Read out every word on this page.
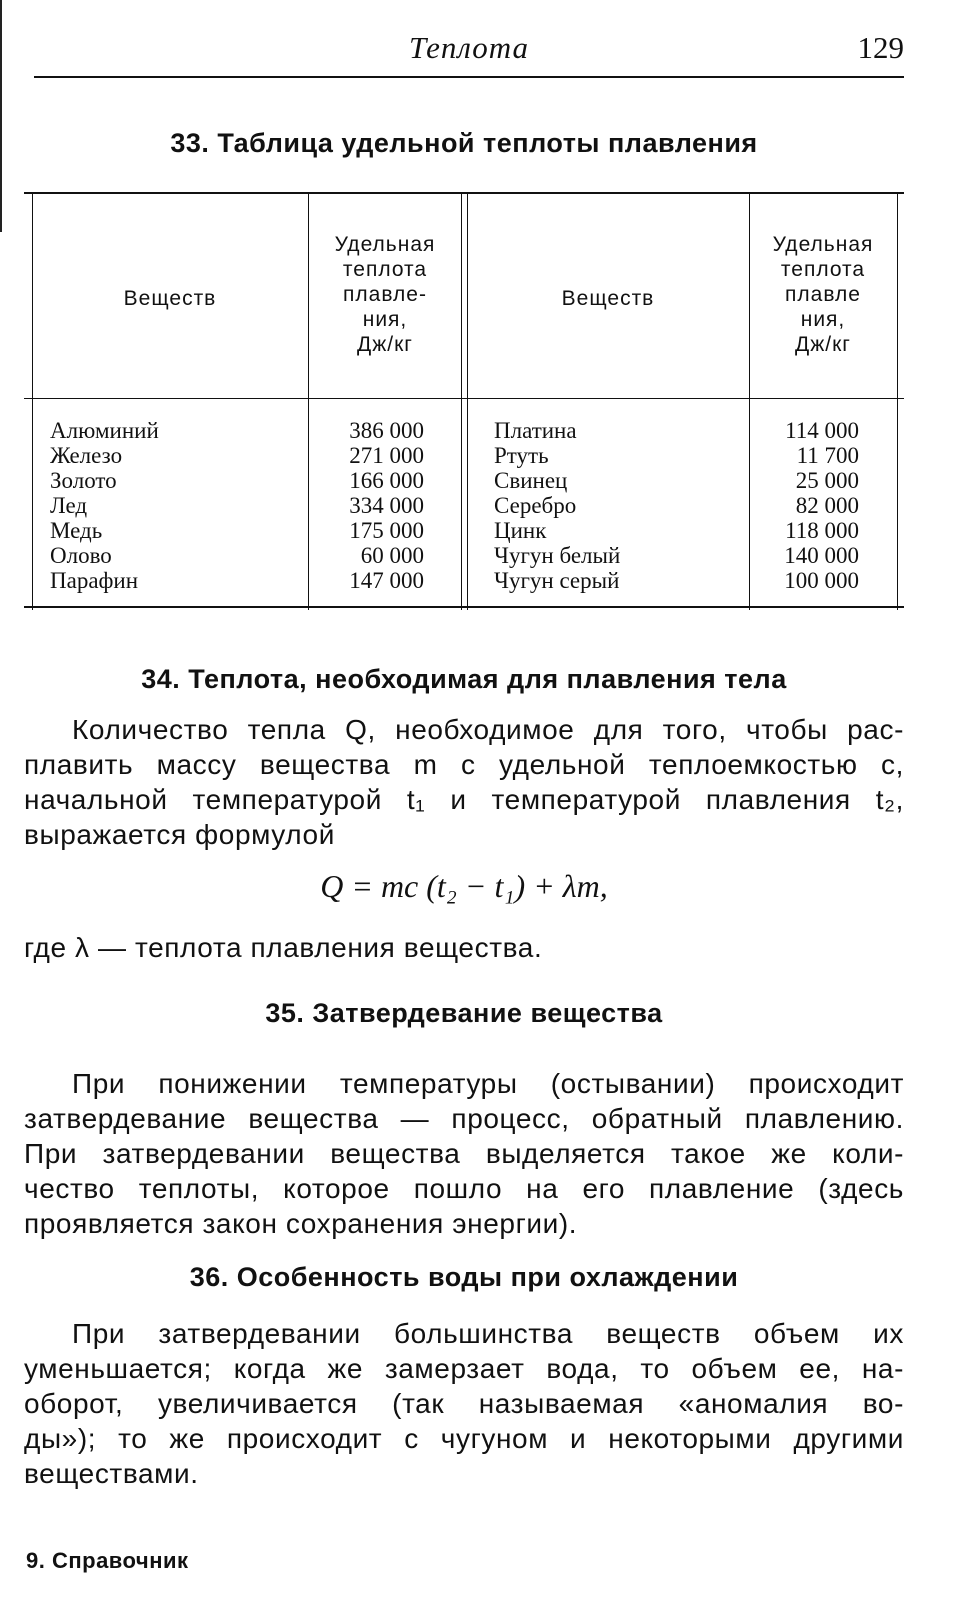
Теплота	129
33. Таблица удельной теплоты плавления
Веществ
Удельная
теплота
плавле-
ния,
Дж/кг
Веществ
Удельная
теплота
плавле
ния,
Дж/кг
Алюминий
Железо
Золото
Лед
Медь
Олово
Парафин
386 000
271 000
166 000
334 000
175 000
60 000
147 000
Платина
Ртуть
Свинец
Серебро
Цинк
Чугун белый
Чугун серый
114 000
11 700
25 000
82 000
118 000
140 000
100 000
34. Теплота, необходимая для плавления тела
Количество тепла Q, необходимое для того, чтобы рас-
плавить массу вещества m с удельной теплоемкостью c,
начальной температурой t₁ и температурой плавления t₂,
выражается формулой
Q = mc (t₂ − t₁) + λm,
где λ — теплота плавления вещества.
35. Затвердевание вещества
При понижении температуры (остывании) происходит
затвердевание вещества — процесс, обратный плавлению.
При затвердевании вещества выделяется такое же коли-
чество теплоты, которое пошло на его плавление (здесь
проявляется закон сохранения энергии).
36. Особенность воды при охлаждении
При затвердевании большинства веществ объем их
уменьшается; когда же замерзает вода, то объем ее, на-
оборот, увеличивается (так называемая «аномалия во-
ды»); то же происходит с чугуном и некоторыми другими
веществами.
9. Справочник
